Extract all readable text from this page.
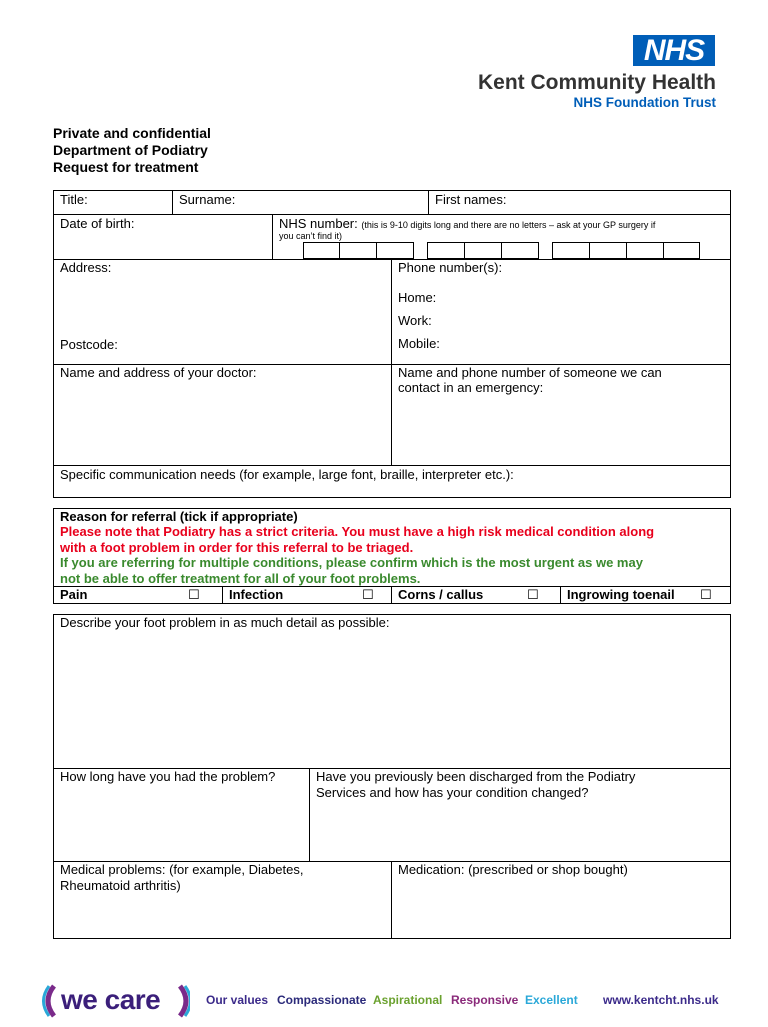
NHS
Kent Community Health
NHS Foundation Trust
Private and confidential
Department of Podiatry
Request for treatment
Title:	Surname:	First names:
Date of birth:	NHS number: (this is 9-10 digits long and there are no letters – ask at your GP surgery if
you can’t find it)
Address:
Postcode:
Phone number(s):
Home:
Work:
Mobile:
Name and address of your doctor:	Name and phone number of someone we can
contact in an emergency:
Specific communication needs (for example, large font, braille, interpreter etc.):
Reason for referral (tick if appropriate)
Please note that Podiatry has a strict criteria. You must have a high risk medical condition along
with a foot problem in order for this referral to be triaged.
If you are referring for multiple conditions, please confirm which is the most urgent as we may
not be able to offer treatment for all of your foot problems.
Pain	☐ Infection	☐ Corns / callus	☐ Ingrowing toenail ☐
Describe your foot problem in as much detail as possible:
How long have you had the problem?	Have you previously been discharged from the Podiatry
Services and how has your condition changed?
Medical problems: (for example, Diabetes,
Rheumatoid arthritis)
Medication: (prescribed or shop bought)
we care	Our values Compassionate Aspirational Responsive Excellent www.kentcht.nhs.uk
